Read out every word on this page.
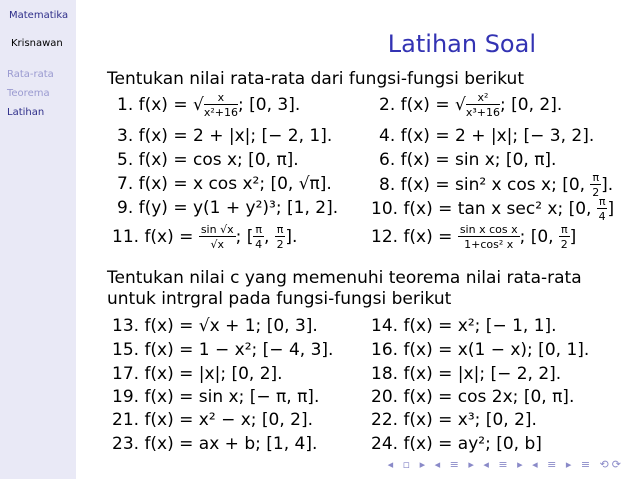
Matematika
Krisnawan
Rata-rata
Teorema
Latihan
Latihan Soal
Tentukan nilai rata-rata dari fungsi-fungsi berikut
1. f(x) = √ $\frac{x}{\text{x²+16}}$ ; [0, 3].	2. f(x) = √ $\frac{\text{x²}}{\text{x³+16}}$ ; [0, 2].
3. f(x) = 2 + |x|; [− 2, 1].	4. f(x) = 2 + |x|; [− 3, 2].
5. f(x) = cos x; [0, π].	6. f(x) = sin x; [0, π].
7. f(x) = x cos x²; [0, √π].	8. f(x) = sin² x cos x; [0, $\frac{\pi}{2}$ ].
9. f(y) = y(1 + y²)³; [1, 2]. 10. f(x) = tan x sec² x; [0, $\frac{\pi}{4}$ ]
11. $f(x) = \frac{\sin √x}{√x}$ ; [ $\frac{\pi}{4}$ , $\frac{\pi}{2}$ ].	12. $f(x) = \frac{\text{sin x cos x}}{\text{1+cos² x}}$ ; [0, $\frac{\pi}{2}$ ]
Tentukan nilai c yang memenuhi teorema nilai rata-rata
untuk intrgral pada fungsi-fungsi berikut
13. f(x) = √x + 1; [0, 3].	14. f(x) = x²; [− 1, 1].
15. f(x) = 1 − x²; [− 4, 3]. 16. f(x) = x(1 − x); [0, 1].
17. f(x) = |x|; [0, 2].	18. f(x) = |x|; [− 2, 2].
19. f(x) = sin x; [− π, π].	20. f(x) = cos 2x; [0, π].
21. f(x) = x² − x; [0, 2].	22. f(x) = x³; [0, 2].
23. f(x) = ax + b; [1, 4].	24. f(x) = ay²; [0, b]
◂ ▫ ▸ ◂ ≡ ▸ ◂ ≡ ▸ ◂ ≡ ▸ ≡ ⟲⟳
